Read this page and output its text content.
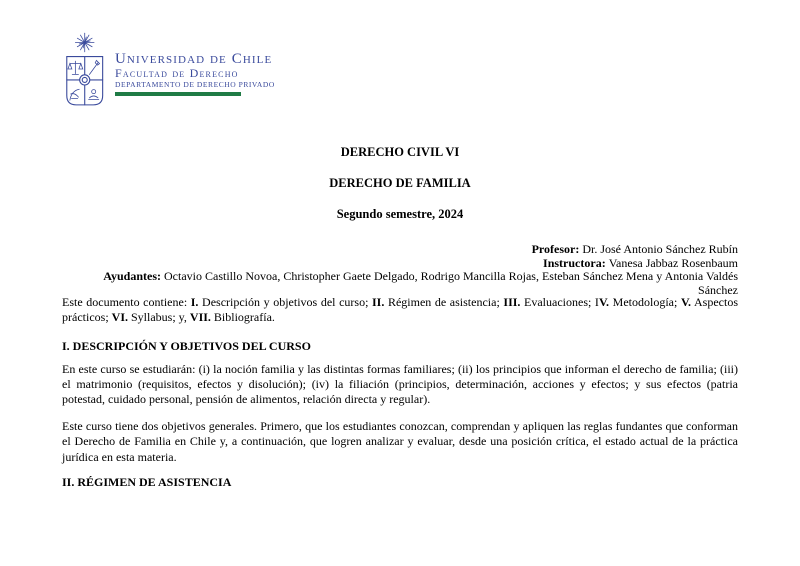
Universidad de Chile
Facultad de Derecho
DEPARTAMENTO DE DERECHO PRIVADO
DERECHO CIVIL VI
DERECHO DE FAMILIA
Segundo semestre, 2024
Profesor: Dr. José Antonio Sánchez Rubín
Instructora: Vanesa Jabbaz Rosenbaum
Ayudantes: Octavio Castillo Novoa, Christopher Gaete Delgado, Rodrigo Mancilla Rojas, Esteban Sánchez Mena y Antonia Valdés Sánchez

Este documento contiene: I. Descripción y objetivos del curso; II. Régimen de asistencia; III. Evaluaciones; IV. Metodología; V. Aspectos prácticos; VI. Syllabus; y, VII. Bibliografía.

I. DESCRIPCIÓN Y OBJETIVOS DEL CURSO

En este curso se estudiarán: (i) la noción familia y las distintas formas familiares; (ii) los principios que informan el derecho de familia; (iii) el matrimonio (requisitos, efectos y disolución); (iv) la filiación (principios, determinación, acciones y efectos; y sus efectos (patria potestad, cuidado personal, pensión de alimentos, relación directa y regular).

Este curso tiene dos objetivos generales. Primero, que los estudiantes conozcan, comprendan y apliquen las reglas fundantes que conforman el Derecho de Familia en Chile y, a continuación, que logren analizar y evaluar, desde una posición crítica, el estado actual de la práctica jurídica en esta materia.

II. RÉGIMEN DE ASISTENCIA
